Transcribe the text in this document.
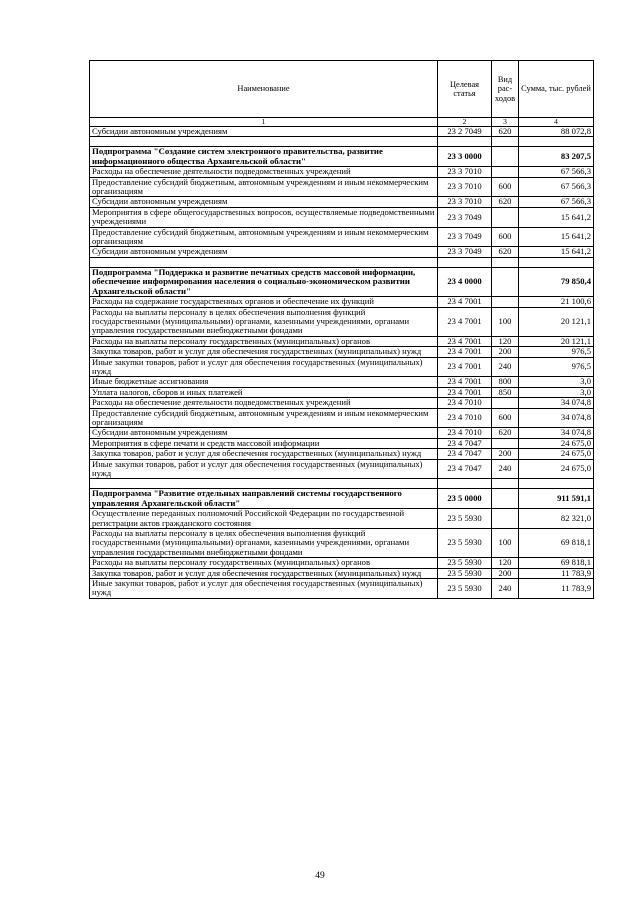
Наименование	Целевая статья	Вид рас-ходов	Сумма, тыс. рублей
1	2	3	4
Субсидии автономным учреждениям	23 2 7049	620	88 072,8

Подпрограмма "Создание систем электронного правительства, развитие информационного общества Архангельской области"	23 3 0000		83 207,5
Расходы на обеспечение деятельности подведомственных учреждений	23 3 7010		67 566,3
Предоставление субсидий бюджетным, автономным учреждениям и иным некоммерческим организациям	23 3 7010	600	67 566,3
Субсидии автономным учреждениям	23 3 7010	620	67 566,3
Мероприятия в сфере общегосударственных вопросов, осуществляемые подведомственными учреждениями	23 3 7049		15 641,2
Предоставление субсидий бюджетным, автономным учреждениям и иным некоммерческим организациям	23 3 7049	600	15 641,2
Субсидии автономным учреждениям	23 3 7049	620	15 641,2

Подпрограмма "Поддержка и развитие печатных средств массовой информации, обеспечение информирования населения о социально-экономическом развитии Архангельской области"	23 4 0000		79 850,4
Расходы на содержание государственных органов и обеспечение их функций	23 4 7001		21 100,6
Расходы на выплаты персоналу в целях обеспечения выполнения функций государственными (муниципальными) органами, казенными учреждениями, органами управления государственными внебюджетными фондами	23 4 7001	100	20 121,1
Расходы на выплаты персоналу государственных (муниципальных) органов	23 4 7001	120	20 121,1
Закупка товаров, работ и услуг для обеспечения государственных (муниципальных) нужд	23 4 7001	200	976,5
Иные закупки товаров, работ и услуг для обеспечения государственных (муниципальных) нужд	23 4 7001	240	976,5
Иные бюджетные ассигнования	23 4 7001	800	3,0
Уплата налогов, сборов и иных платежей	23 4 7001	850	3,0
Расходы на обеспечение деятельности подведомственных учреждений	23 4 7010		34 074,8
Предоставление субсидий бюджетным, автономным учреждениям и иным некоммерческим организациям	23 4 7010	600	34 074,8
Субсидии автономным учреждениям	23 4 7010	620	34 074,8
Мероприятия в сфере печати и средств массовой информации	23 4 7047		24 675,0
Закупка товаров, работ и услуг для обеспечения государственных (муниципальных) нужд	23 4 7047	200	24 675,0
Иные закупки товаров, работ и услуг для обеспечения государственных (муниципальных) нужд	23 4 7047	240	24 675,0

Подпрограмма "Развитие отдельных направлений системы государственного управления Архангельской области"	23 5 0000		911 591,1
Осуществление переданных полномочий Российской Федерации по государственной регистрации актов гражданского состояния	23 5 5930		82 321,0
Расходы на выплаты персоналу в целях обеспечения выполнения функций государственными (муниципальными) органами, казенными учреждениями, органами управления государственными внебюджетными фондами	23 5 5930	100	69 818,1
Расходы на выплаты персоналу государственных (муниципальных) органов	23 5 5930	120	69 818,1
Закупка товаров, работ и услуг для обеспечения государственных (муниципальных) нужд	23 5 5930	200	11 783,9
Иные закупки товаров, работ и услуг для обеспечения государственных (муниципальных) нужд	23 5 5930	240	11 783,9
49
